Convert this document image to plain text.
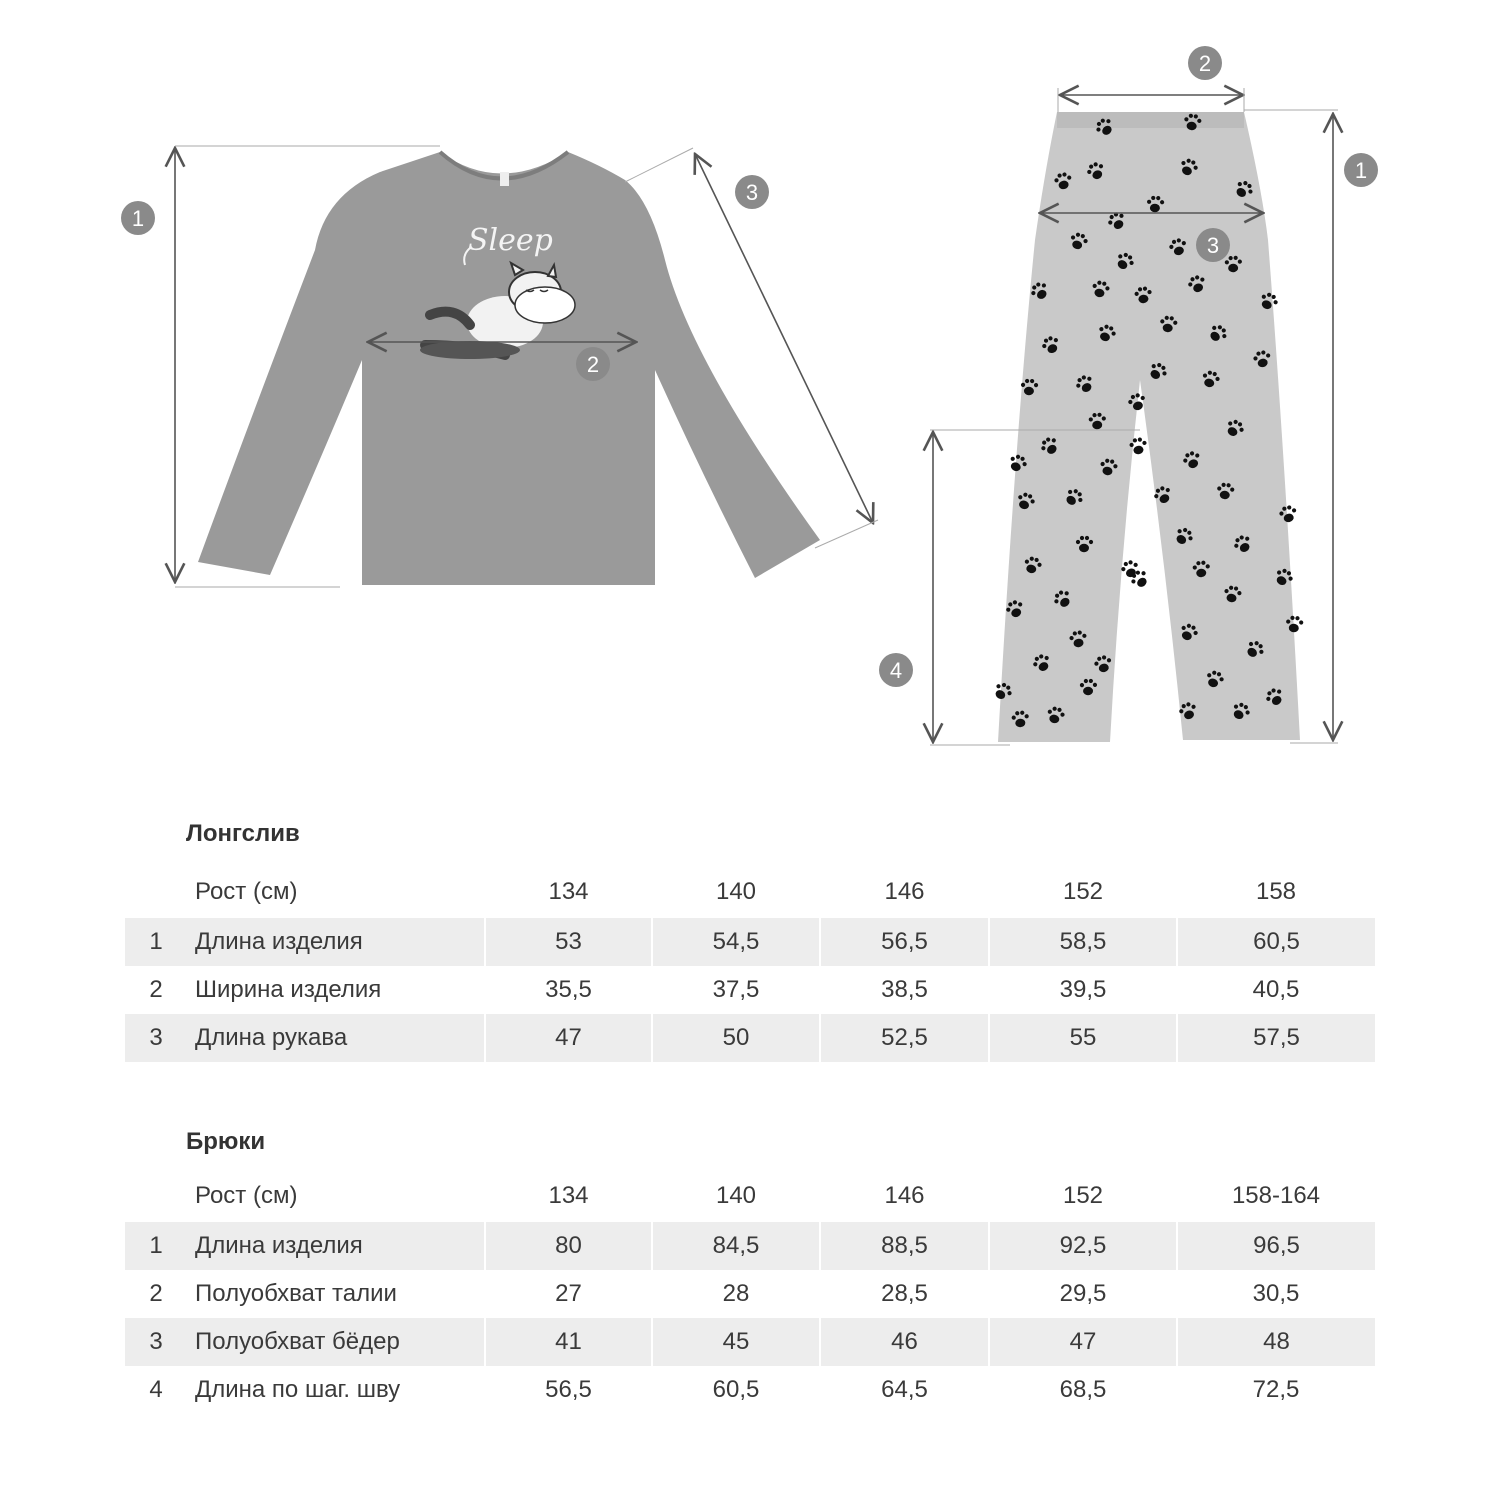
Sleep
1
2
3
2
1
3
4
Лонгслив
	Рост (см)	134	140	146	152	158
1	Длина изделия	53	54,5	56,5	58,5	60,5
2	Ширина изделия	35,5	37,5	38,5	39,5	40,5
3	Длина рукава	47	50	52,5	55	57,5
Брюки
	Рост (см)	134	140	146	152	158-164
1	Длина изделия	80	84,5	88,5	92,5	96,5
2	Полуобхват талии	27	28	28,5	29,5	30,5
3	Полуобхват бёдер	41	45	46	47	48
4	Длина по шаг. шву	56,5	60,5	64,5	68,5	72,5
